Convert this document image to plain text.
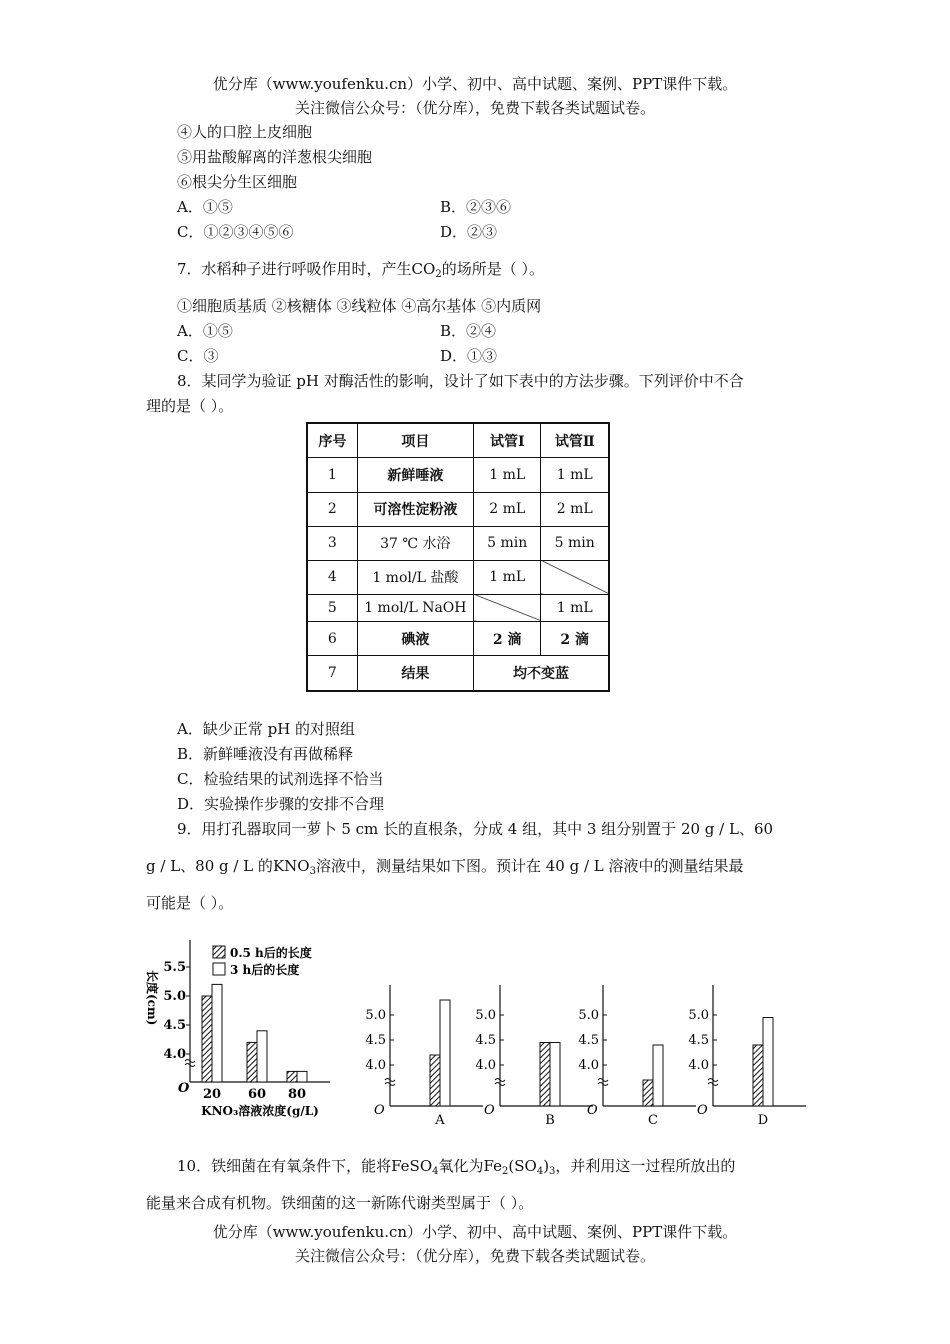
优分库（www.youfenku.cn）小学、初中、高中试题、案例、PPT课件下载。
关注微信公众号：（优分库），免费下载各类试题试卷。
④人的口腔上皮细胞
⑤用盐酸解离的洋葱根尖细胞
⑥根尖分生区细胞
A．①⑤	B．②③⑥
C．①②③④⑤⑥	D．②③
7．水稻种子进行呼吸作用时，产生$CO_2$的场所是（ ）。
①细胞质基质 ②核糖体 ③线粒体 ④高尔基体 ⑤内质网
A．①⑤	B．②④
C．③	D．①③
8．某同学为验证 pH 对酶活性的影响，设计了如下表中的方法步骤。下列评价中不合
理的是（ ）。
序号	项目	试管Ⅰ	试管Ⅱ
1	新鲜唾液	1 mL	1 mL
2	可溶性淀粉液	2 mL	2 mL
3	37 ℃ 水浴	5 min	5 min
4	1 mol/L 盐酸	1 mL	
5	1 mol/L NaOH		1 mL
6	碘液	2 滴	2 滴
7	结果	均不变蓝	
A．缺少正常 pH 的对照组
B．新鲜唾液没有再做稀释
C．检验结果的试剂选择不恰当
D．实验操作步骤的安排不合理
9．用打孔器取同一萝卜 5 cm 长的直根条，分成 4 组，其中 3 组分别置于 20 g / L、60
g / L、80 g / L 的$KNO_3$溶液中，测量结果如下图。预计在 40 g / L 溶液中的测量结果最
可能是（ ）。
4.0
4.5
5.0
5.5
O
长度(cm)
20 60 80
KNO₃溶液浓度(g/L)
0.5 h后的长度
3 h后的长度
4.0
4.5
5.0
O
A
4.0
4.5
5.0
O
B
4.0
4.5
5.0
O
C
4.0
4.5
5.0
O
D
10．铁细菌在有氧条件下，能将FeSO$_4$氧化为$Fe_2(SO_4)_3$，并利用这一过程所放出的
能量来合成有机物。铁细菌的这一新陈代谢类型属于（ ）。
优分库（www.youfenku.cn）小学、初中、高中试题、案例、PPT课件下载。
关注微信公众号：（优分库），免费下载各类试题试卷。
